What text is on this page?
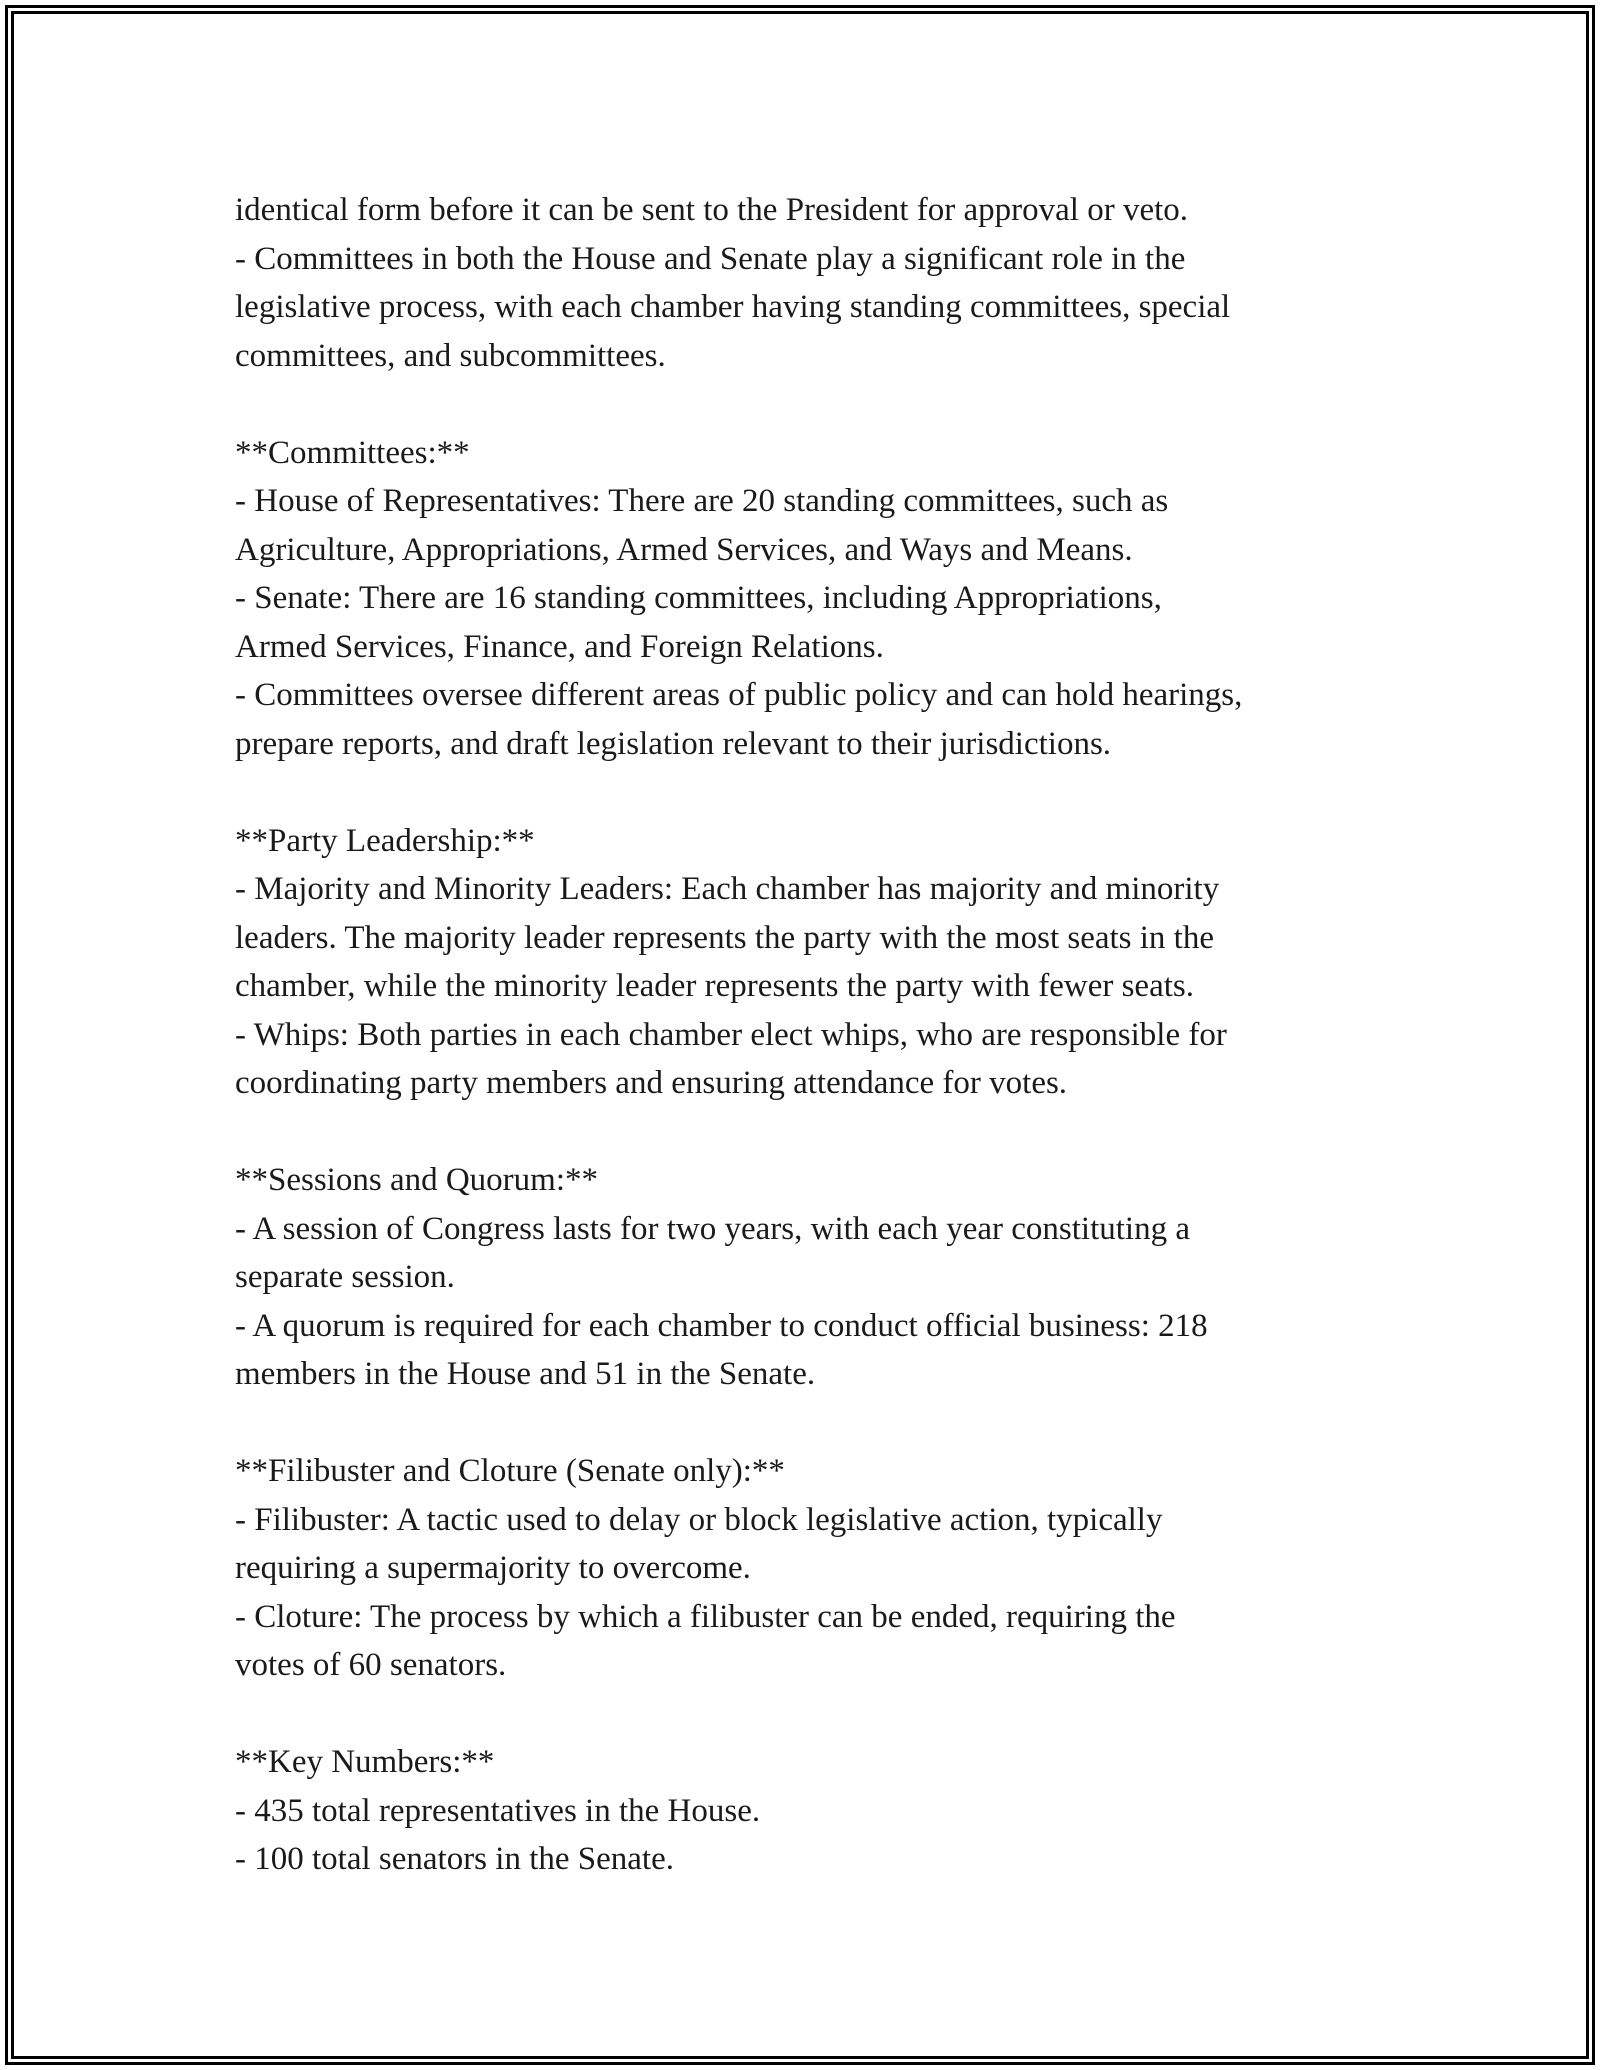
identical form before it can be sent to the President for approval or veto.
- Committees in both the House and Senate play a significant role in the
legislative process, with each chamber having standing committees, special
committees, and subcommittees.
**Committees:**
- House of Representatives: There are 20 standing committees, such as
Agriculture, Appropriations, Armed Services, and Ways and Means.
- Senate: There are 16 standing committees, including Appropriations,
Armed Services, Finance, and Foreign Relations.
- Committees oversee different areas of public policy and can hold hearings,
prepare reports, and draft legislation relevant to their jurisdictions.
**Party Leadership:**
- Majority and Minority Leaders: Each chamber has majority and minority
leaders. The majority leader represents the party with the most seats in the
chamber, while the minority leader represents the party with fewer seats.
- Whips: Both parties in each chamber elect whips, who are responsible for
coordinating party members and ensuring attendance for votes.
**Sessions and Quorum:**
- A session of Congress lasts for two years, with each year constituting a
separate session.
- A quorum is required for each chamber to conduct official business: 218
members in the House and 51 in the Senate.
**Filibuster and Cloture (Senate only):**
- Filibuster: A tactic used to delay or block legislative action, typically
requiring a supermajority to overcome.
- Cloture: The process by which a filibuster can be ended, requiring the
votes of 60 senators.
**Key Numbers:**
- 435 total representatives in the House.
- 100 total senators in the Senate.
